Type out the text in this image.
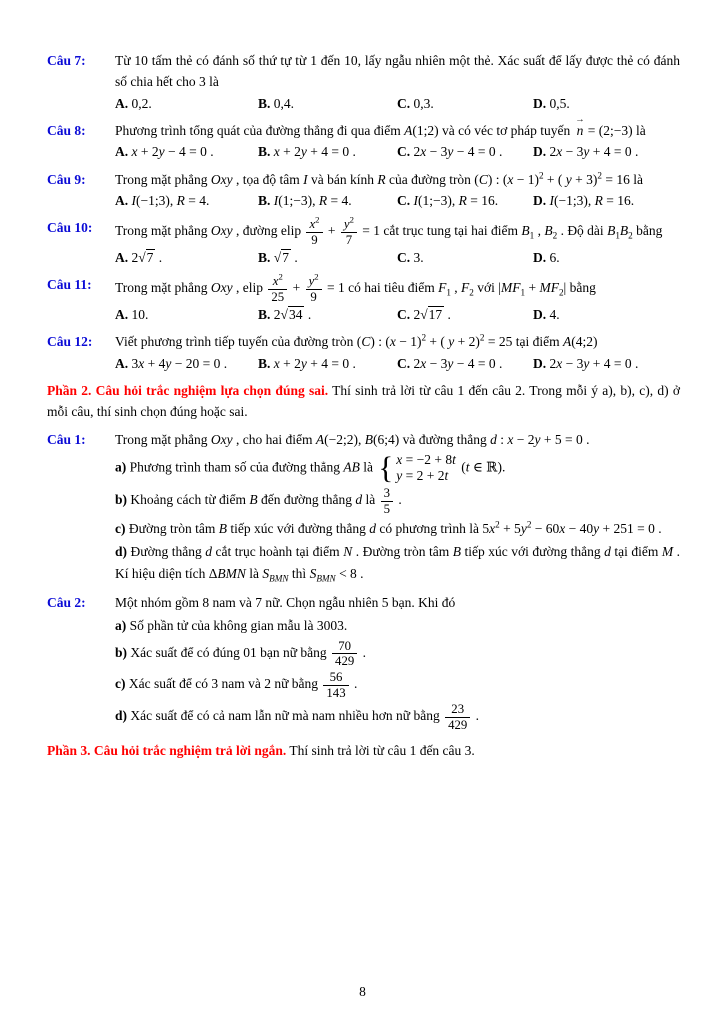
Câu 7:	Từ 10 tấm thẻ có đánh số thứ tự từ 1 đến 10, lấy ngẫu nhiên một thẻ. Xác suất để lấy được thẻ có đánh số chia hết cho 3 là
A. 0,2.	B. 0,4.	C. 0,3.	D. 0,5.
Câu 8:	Phương trình tổng quát của đường thẳng đi qua điểm A(1;2) và có véc tơ pháp tuyến → n = (2;−3) là
A. x + 2y − 4 = 0 .	B. x + 2y + 4 = 0 .	C. 2x − 3y − 4 = 0 .	D. 2x − 3y + 4 = 0 .
Câu 9:	Trong mặt phẳng Oxy , tọa độ tâm I và bán kính R của đường tròn (C) : $(x - 1)^2$ + ( y + 3)$^2$ = 16 là
A. I(−1;3), R = 4.	B. I(1;−3), R = 4.	C. I(1;−3), R = 16.	D. I(−1;3), R = 16.
Câu 10:	Trong mặt phẳng Oxy , đường elip $\frac{x^2}{9} + \frac{y^2}{7} = 1$ cắt trục tung tại hai điểm $B_1$ , $B_2$ . Độ dài $B_1B_2$ bằng
A. 2√7 .	B. √7 .	C. 3.	D. 6.
Câu 11:	Trong mặt phẳng Oxy , elip $\frac{x^2}{25} + \frac{y^2}{9} = 1$ có hai tiêu điểm $F_1$ , $F_2$ với $|MF_1 + MF_2|$ bằng
A. 10.	B. 2√34 .	C. 2√17 .	D. 4.
Câu 12:	Viết phương trình tiếp tuyến của đường tròn (C) : $(x - 1)^2$ + ( y + 2)$^2$ = 25 tại điểm A(4;2)
A. 3x + 4y − 20 = 0 .	B. x + 2y + 4 = 0 .	C. 2x − 3y − 4 = 0 .	D. 2x − 3y + 4 = 0 .
Phần 2. Câu hỏi trắc nghiệm lựa chọn đúng sai. Thí sinh trả lời từ câu 1 đến câu 2. Trong mỗi ý a), b), c), d) ở mỗi câu, thí sinh chọn đúng hoặc sai.
Câu 1:	Trong mặt phẳng Oxy , cho hai điểm A(−2;2), B(6;4) và đường thẳng d : x − 2y + 5 = 0 .
a) Phương trình tham số của đường thẳng AB là { x = −2 + 8t
y = 2 + 2t
(t ∈ ℝ).
b) Khoảng cách từ điểm B đến đường thẳng d là $\frac{3}{5}$ .
c) Đường tròn tâm B tiếp xúc với đường thẳng d có phương trình là $5x^2 + 5y^2 - 60x - 40y + 251 = 0$ .
d) Đường thẳng d cắt trục hoành tại điểm N . Đường tròn tâm B tiếp xúc với đường thẳng d tại điểm M . Kí hiệu diện tích ΔBMN là $S_{BMN}$ thì $S_{BMN} < 8$ .
Câu 2:	Một nhóm gồm 8 nam và 7 nữ. Chọn ngẫu nhiên 5 bạn. Khi đó
a) Số phần tử của không gian mẫu là 3003.
b) Xác suất để có đúng 01 bạn nữ bằng $\frac{70}{429}$ .
c) Xác suất để có 3 nam và 2 nữ bằng $\frac{56}{143}$ .
d) Xác suất để có cả nam lẫn nữ mà nam nhiều hơn nữ bằng $\frac{23}{429}$ .
Phần 3. Câu hỏi trắc nghiệm trả lời ngắn. Thí sinh trả lời từ câu 1 đến câu 3.
8
